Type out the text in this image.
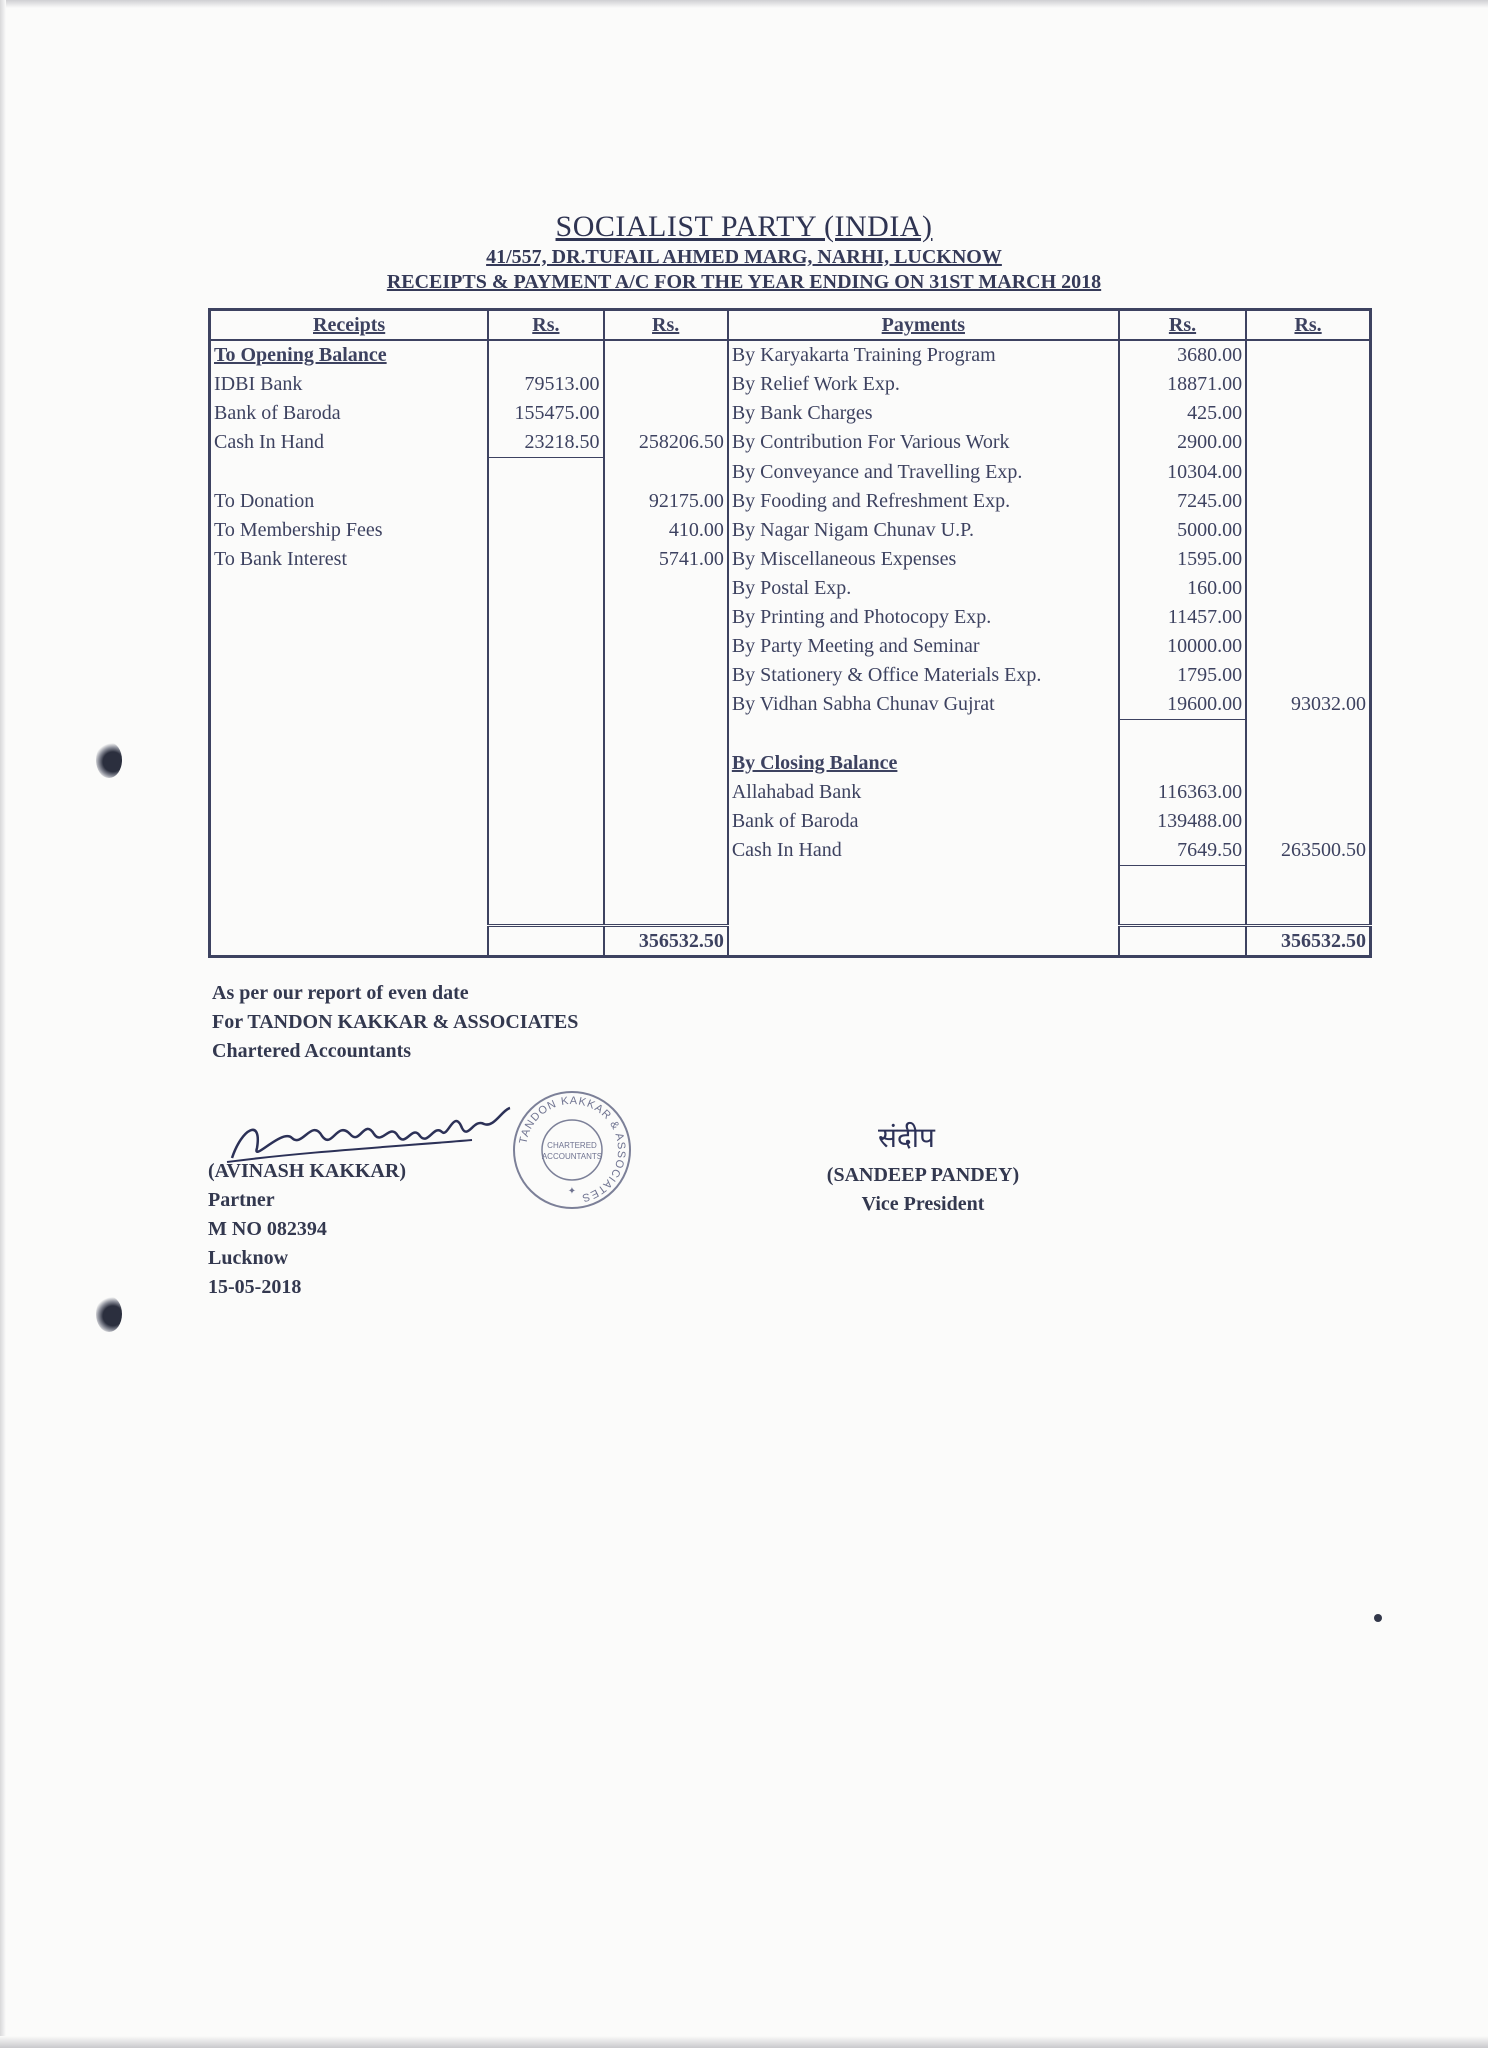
SOCIALIST PARTY (INDIA)
41/557, DR.TUFAIL AHMED MARG, NARHI, LUCKNOW
RECEIPTS & PAYMENT A/C FOR THE YEAR ENDING ON 31ST MARCH 2018
Receipts	Rs.	Rs.	Payments	Rs.	Rs.
To Opening Balance			By Karyakarta Training Program	3680.00	
IDBI Bank	79513.00		By Relief Work Exp.	18871.00	
Bank of Baroda	155475.00		By Bank Charges	425.00	
Cash In Hand	23218.50	258206.50	By Contribution For Various Work	2900.00	
			By Conveyance and Travelling Exp.	10304.00	
To Donation		92175.00	By Fooding and Refreshment Exp.	7245.00	
To Membership Fees		410.00	By Nagar Nigam Chunav U.P.	5000.00	
To Bank Interest		5741.00	By Miscellaneous Expenses	1595.00	
			By Postal Exp.	160.00	
			By Printing and Photocopy Exp.	11457.00	
			By Party Meeting and Seminar	10000.00	
			By Stationery & Office Materials Exp.	1795.00	
			By Vidhan Sabha Chunav Gujrat	19600.00	93032.00

			By Closing Balance		
			Allahabad Bank	116363.00	
			Bank of Baroda	139488.00	
			Cash In Hand	7649.50	263500.50

		356532.50			356532.50
As per our report of even date
For TANDON KAKKAR & ASSOCIATES
Chartered Accountants
TANDON KAKKAR & ASSOCIATES
CHARTERED
ACCOUNTANTS
✦
(AVINASH KAKKAR)
Partner
M NO 082394
Lucknow
15-05-2018
संदीप
(SANDEEP PANDEY)
Vice President
